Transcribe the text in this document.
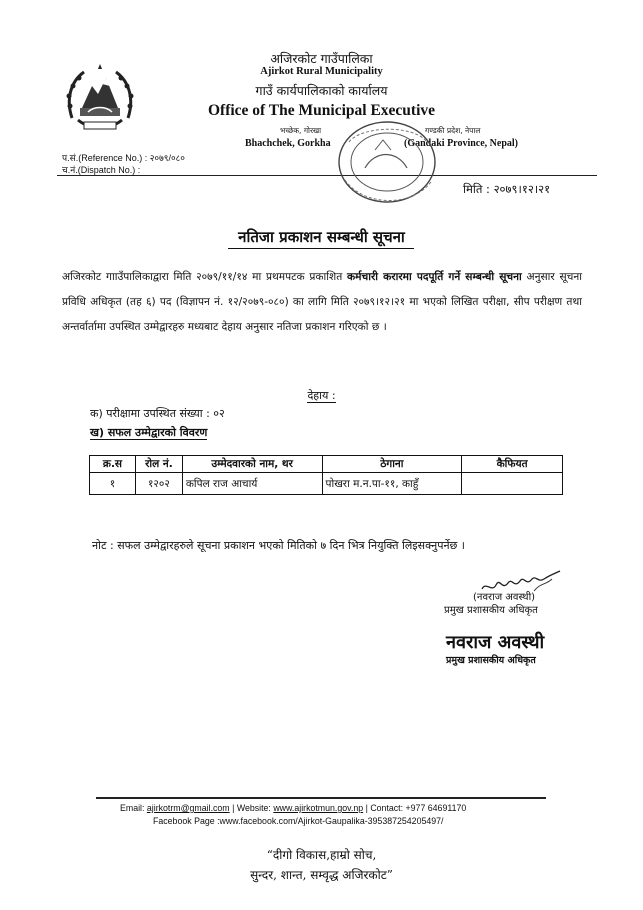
अजिरकोट गाउँपालिका
Ajirkot Rural Municipality
गाउँ कार्यपालिकाको कार्यालय
Office of The Municipal Executive
भच्छेक, गोरखा
Bhachchek, Gorkha
गण्डकी प्रदेश, नेपाल
(Gandaki Province, Nepal)
प.सं.(Reference No.) : २०७९/०८०
च.नं.(Dispatch No.) :
मिति : २०७९।१२।२१
नतिजा प्रकाशन सम्बन्धी सूचना
अजिरकोट गााउँपालिकाद्वारा मिति २०७९/११/१४ मा प्रथमपटक प्रकाशित कर्मचारी करारमा पदपूर्ति गर्ने सम्बन्धी सूचना अनुसार सूचना प्रविधि अधिकृत (तह ६) पद (विज्ञापन नं. १२/२०७९-०८०) का लागि मिति २०७९।१२।२१ मा भएको लिखित परीक्षा, सीप परीक्षण तथा अन्तर्वार्तामा उपस्थित उम्मेद्वारहरु मध्यबाट देहाय अनुसार नतिजा प्रकाशन गरिएको छ ।
देहाय :
क) परीक्षामा उपस्थित संख्या : ०२
ख) सफल उम्मेद्वारको विवरण
क्र.स	रोल नं.	उम्मेदवारको नाम, थर	ठेगाना	कैफियत
१	१२०२	कपिल राज आचार्य	पोखरा म.न.पा-११, काहुँ	
नोट : सफल उम्मेद्वारहरुले सूचना प्रकाशन भएको मितिको ७ दिन भित्र नियुक्ति लिइसक्नुपर्नेछ ।
(नवराज अवस्थी)
प्रमुख प्रशासकीय अधिकृत
नवराज अवस्थी
प्रमुख प्रशासकीय अधिकृत
Email: ajirkotrm@gmail.com | Website: www.ajirkotmun.gov.np | Contact: +977 64691170
Facebook Page :www.facebook.com/Ajirkot-Gaupalika-395387254205497/
“दीगो विकास,हाम्रो सोच,
सुन्दर, शान्त, सम्वृद्ध अजिरकोट”
